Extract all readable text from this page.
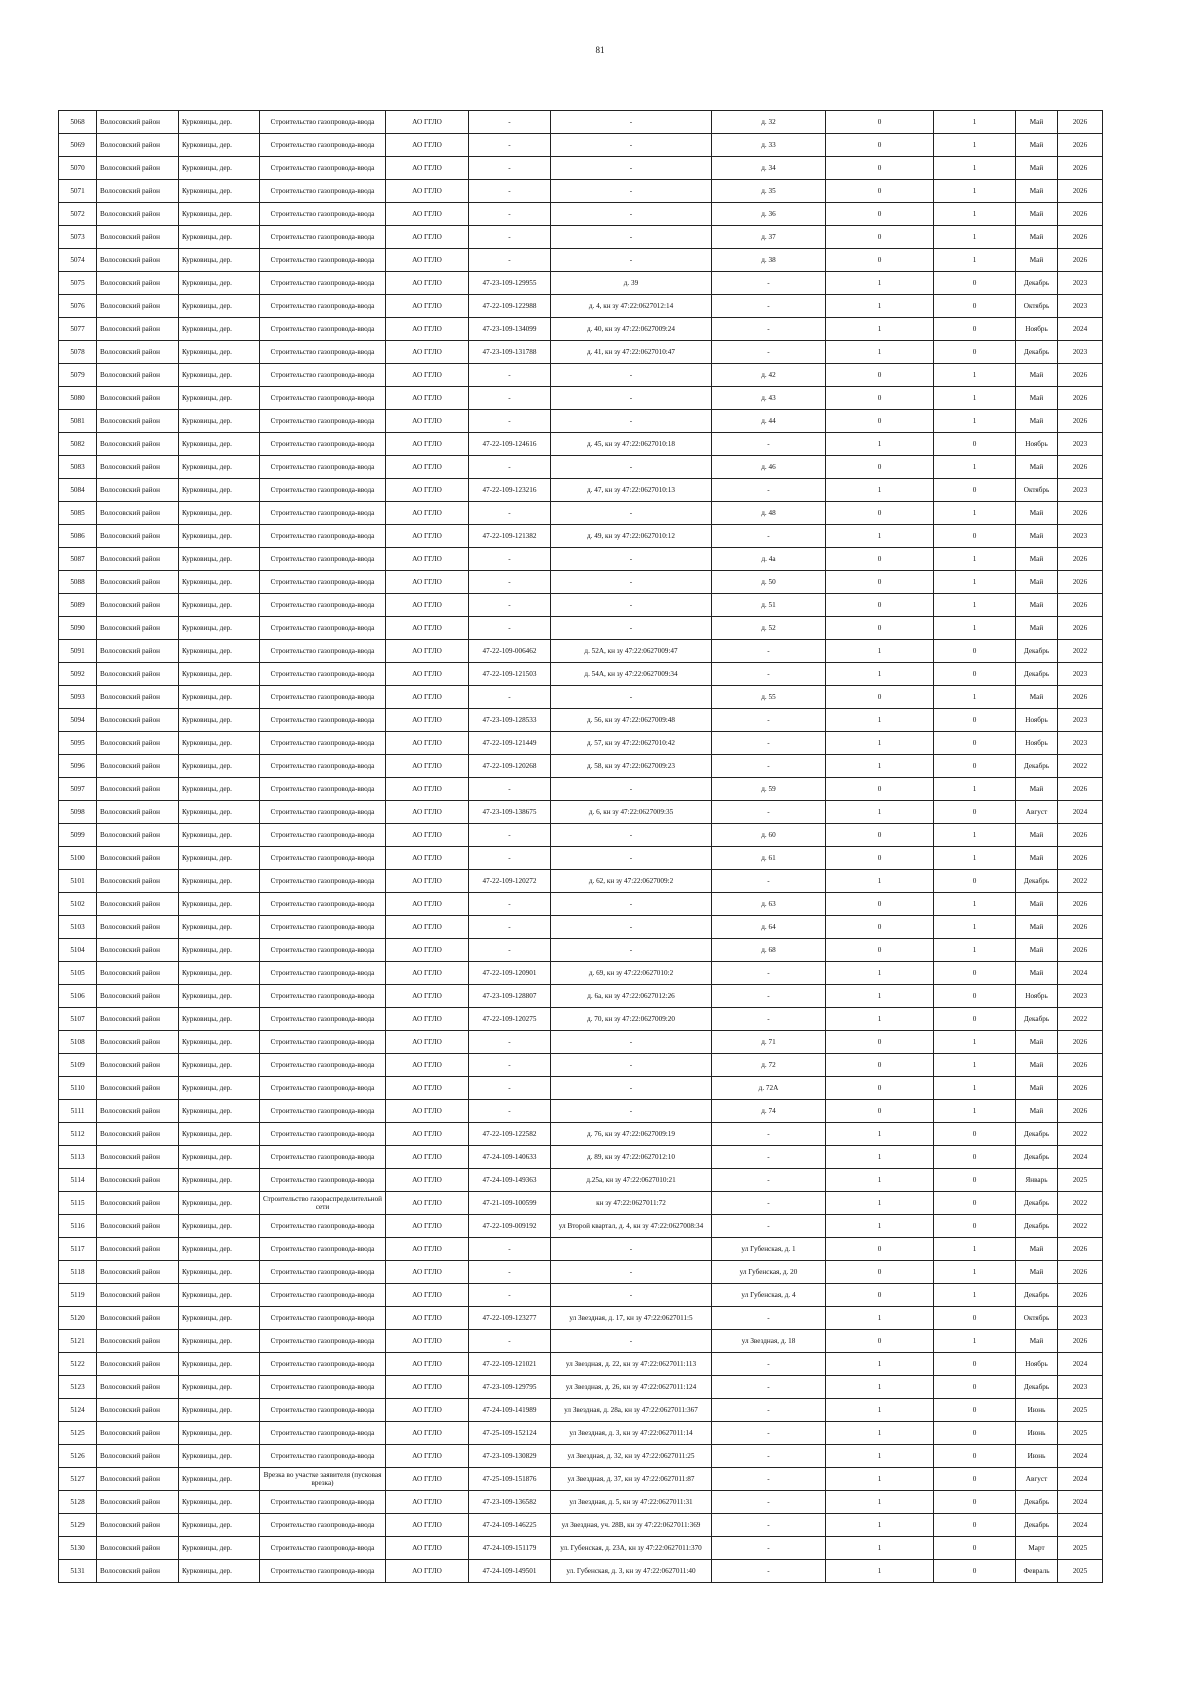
81
5068	Волосовский район	Курковицы, дер.	Строительство газопровода-ввода	АО ГГЛО	-	-	д. 32	0	1	Май	2026
5069	Волосовский район	Курковицы, дер.	Строительство газопровода-ввода	АО ГГЛО	-	-	д. 33	0	1	Май	2026
5070	Волосовский район	Курковицы, дер.	Строительство газопровода-ввода	АО ГГЛО	-	-	д. 34	0	1	Май	2026
5071	Волосовский район	Курковицы, дер.	Строительство газопровода-ввода	АО ГГЛО	-	-	д. 35	0	1	Май	2026
5072	Волосовский район	Курковицы, дер.	Строительство газопровода-ввода	АО ГГЛО	-	-	д. 36	0	1	Май	2026
5073	Волосовский район	Курковицы, дер.	Строительство газопровода-ввода	АО ГГЛО	-	-	д. 37	0	1	Май	2026
5074	Волосовский район	Курковицы, дер.	Строительство газопровода-ввода	АО ГГЛО	-	-	д. 38	0	1	Май	2026
5075	Волосовский район	Курковицы, дер.	Строительство газопровода-ввода	АО ГГЛО	47-23-109-129955	д. 39	-	1	0	Декабрь	2023
5076	Волосовский район	Курковицы, дер.	Строительство газопровода-ввода	АО ГГЛО	47-22-109-122988	д. 4, кн зу 47:22:0627012:14	-	1	0	Октябрь	2023
5077	Волосовский район	Курковицы, дер.	Строительство газопровода-ввода	АО ГГЛО	47-23-109-134099	д. 40, кн зу 47:22:0627009:24	-	1	0	Ноябрь	2024
5078	Волосовский район	Курковицы, дер.	Строительство газопровода-ввода	АО ГГЛО	47-23-109-131788	д. 41, кн зу 47:22:0627010:47	-	1	0	Декабрь	2023
5079	Волосовский район	Курковицы, дер.	Строительство газопровода-ввода	АО ГГЛО	-	-	д. 42	0	1	Май	2026
5080	Волосовский район	Курковицы, дер.	Строительство газопровода-ввода	АО ГГЛО	-	-	д. 43	0	1	Май	2026
5081	Волосовский район	Курковицы, дер.	Строительство газопровода-ввода	АО ГГЛО	-	-	д. 44	0	1	Май	2026
5082	Волосовский район	Курковицы, дер.	Строительство газопровода-ввода	АО ГГЛО	47-22-109-124616	д. 45, кн зу 47:22:0627010:18	-	1	0	Ноябрь	2023
5083	Волосовский район	Курковицы, дер.	Строительство газопровода-ввода	АО ГГЛО	-	-	д. 46	0	1	Май	2026
5084	Волосовский район	Курковицы, дер.	Строительство газопровода-ввода	АО ГГЛО	47-22-109-123216	д. 47, кн зу 47:22:0627010:13	-	1	0	Октябрь	2023
5085	Волосовский район	Курковицы, дер.	Строительство газопровода-ввода	АО ГГЛО	-	-	д. 48	0	1	Май	2026
5086	Волосовский район	Курковицы, дер.	Строительство газопровода-ввода	АО ГГЛО	47-22-109-121382	д. 49, кн зу 47:22:0627010:12	-	1	0	Май	2023
5087	Волосовский район	Курковицы, дер.	Строительство газопровода-ввода	АО ГГЛО	-	-	д. 4а	0	1	Май	2026
5088	Волосовский район	Курковицы, дер.	Строительство газопровода-ввода	АО ГГЛО	-	-	д. 50	0	1	Май	2026
5089	Волосовский район	Курковицы, дер.	Строительство газопровода-ввода	АО ГГЛО	-	-	д. 51	0	1	Май	2026
5090	Волосовский район	Курковицы, дер.	Строительство газопровода-ввода	АО ГГЛО	-	-	д. 52	0	1	Май	2026
5091	Волосовский район	Курковицы, дер.	Строительство газопровода-ввода	АО ГГЛО	47-22-109-006462	д. 52А, кн зу 47:22:0627009:47	-	1	0	Декабрь	2022
5092	Волосовский район	Курковицы, дер.	Строительство газопровода-ввода	АО ГГЛО	47-22-109-121503	д. 54А, кн зу 47:22:0627009:34	-	1	0	Декабрь	2023
5093	Волосовский район	Курковицы, дер.	Строительство газопровода-ввода	АО ГГЛО	-	-	д. 55	0	1	Май	2026
5094	Волосовский район	Курковицы, дер.	Строительство газопровода-ввода	АО ГГЛО	47-23-109-128533	д. 56, кн зу 47:22:0627009:48	-	1	0	Ноябрь	2023
5095	Волосовский район	Курковицы, дер.	Строительство газопровода-ввода	АО ГГЛО	47-22-109-121449	д. 57, кн зу 47:22:0627010:42	-	1	0	Ноябрь	2023
5096	Волосовский район	Курковицы, дер.	Строительство газопровода-ввода	АО ГГЛО	47-22-109-120268	д. 58, кн зу 47:22:0627009:23	-	1	0	Декабрь	2022
5097	Волосовский район	Курковицы, дер.	Строительство газопровода-ввода	АО ГГЛО	-	-	д. 59	0	1	Май	2026
5098	Волосовский район	Курковицы, дер.	Строительство газопровода-ввода	АО ГГЛО	47-23-109-138675	д. 6, кн зу 47:22:0627009:35	-	1	0	Август	2024
5099	Волосовский район	Курковицы, дер.	Строительство газопровода-ввода	АО ГГЛО	-	-	д. 60	0	1	Май	2026
5100	Волосовский район	Курковицы, дер.	Строительство газопровода-ввода	АО ГГЛО	-	-	д. 61	0	1	Май	2026
5101	Волосовский район	Курковицы, дер.	Строительство газопровода-ввода	АО ГГЛО	47-22-109-120272	д. 62, кн зу 47:22:0627009:2	-	1	0	Декабрь	2022
5102	Волосовский район	Курковицы, дер.	Строительство газопровода-ввода	АО ГГЛО	-	-	д. 63	0	1	Май	2026
5103	Волосовский район	Курковицы, дер.	Строительство газопровода-ввода	АО ГГЛО	-	-	д. 64	0	1	Май	2026
5104	Волосовский район	Курковицы, дер.	Строительство газопровода-ввода	АО ГГЛО	-	-	д. 68	0	1	Май	2026
5105	Волосовский район	Курковицы, дер.	Строительство газопровода-ввода	АО ГГЛО	47-22-109-120901	д. 69, кн зу 47:22:0627010:2	-	1	0	Май	2024
5106	Волосовский район	Курковицы, дер.	Строительство газопровода-ввода	АО ГГЛО	47-23-109-128807	д. 6а, кн зу 47:22:0627012:26	-	1	0	Ноябрь	2023
5107	Волосовский район	Курковицы, дер.	Строительство газопровода-ввода	АО ГГЛО	47-22-109-120275	д. 70, кн зу 47:22:0627009:20	-	1	0	Декабрь	2022
5108	Волосовский район	Курковицы, дер.	Строительство газопровода-ввода	АО ГГЛО	-	-	д. 71	0	1	Май	2026
5109	Волосовский район	Курковицы, дер.	Строительство газопровода-ввода	АО ГГЛО	-	-	д. 72	0	1	Май	2026
5110	Волосовский район	Курковицы, дер.	Строительство газопровода-ввода	АО ГГЛО	-	-	д. 72А	0	1	Май	2026
5111	Волосовский район	Курковицы, дер.	Строительство газопровода-ввода	АО ГГЛО	-	-	д. 74	0	1	Май	2026
5112	Волосовский район	Курковицы, дер.	Строительство газопровода-ввода	АО ГГЛО	47-22-109-122582	д. 76, кн зу 47:22:0627009:19	-	1	0	Декабрь	2022
5113	Волосовский район	Курковицы, дер.	Строительство газопровода-ввода	АО ГГЛО	47-24-109-140633	д. 89, кн зу 47:22:0627012:10	-	1	0	Декабрь	2024
5114	Волосовский район	Курковицы, дер.	Строительство газопровода-ввода	АО ГГЛО	47-24-109-149363	д.25а, кн зу 47:22:0627010:21	-	1	0	Январь	2025
5115	Волосовский район	Курковицы, дер.	Строительство газораспределительной сети	АО ГГЛО	47-21-109-100599	кн зу 47:22:0627011:72	-	1	0	Декабрь	2022
5116	Волосовский район	Курковицы, дер.	Строительство газопровода-ввода	АО ГГЛО	47-22-109-009192	ул Второй квартал, д. 4, кн зу 47:22:0627008:34	-	1	0	Декабрь	2022
5117	Волосовский район	Курковицы, дер.	Строительство газопровода-ввода	АО ГГЛО	-	-	ул Губенская, д. 1	0	1	Май	2026
5118	Волосовский район	Курковицы, дер.	Строительство газопровода-ввода	АО ГГЛО	-	-	ул Губенская, д. 20	0	1	Май	2026
5119	Волосовский район	Курковицы, дер.	Строительство газопровода-ввода	АО ГГЛО	-	-	ул Губенская, д. 4	0	1	Декабрь	2026
5120	Волосовский район	Курковицы, дер.	Строительство газопровода-ввода	АО ГГЛО	47-22-109-123277	ул Звездная, д. 17, кн зу 47:22:0627011:5	-	1	0	Октябрь	2023
5121	Волосовский район	Курковицы, дер.	Строительство газопровода-ввода	АО ГГЛО	-	-	ул Звездная, д. 18	0	1	Май	2026
5122	Волосовский район	Курковицы, дер.	Строительство газопровода-ввода	АО ГГЛО	47-22-109-121021	ул Звездная, д. 22, кн зу 47:22:0627011:113	-	1	0	Ноябрь	2024
5123	Волосовский район	Курковицы, дер.	Строительство газопровода-ввода	АО ГГЛО	47-23-109-129795	ул Звездная, д. 26, кн зу 47:22:0627011:124	-	1	0	Декабрь	2023
5124	Волосовский район	Курковицы, дер.	Строительство газопровода-ввода	АО ГГЛО	47-24-109-141989	ул Звездная, д. 28а, кн зу 47:22:0627011:367	-	1	0	Июнь	2025
5125	Волосовский район	Курковицы, дер.	Строительство газопровода-ввода	АО ГГЛО	47-25-109-152124	ул Звездная, д. 3, кн зу 47:22:0627011:14	-	1	0	Июнь	2025
5126	Волосовский район	Курковицы, дер.	Строительство газопровода-ввода	АО ГГЛО	47-23-109-130829	ул Звездная, д. 32, кн зу 47:22:0627011:25	-	1	0	Июнь	2024
5127	Волосовский район	Курковицы, дер.	Врезка во участке заявителя (пусковая врезка)	АО ГГЛО	47-25-109-151876	ул Звездная, д. 37, кн зу 47:22:0627011:87	-	1	0	Август	2024
5128	Волосовский район	Курковицы, дер.	Строительство газопровода-ввода	АО ГГЛО	47-23-109-136582	ул Звездная, д. 5, кн зу 47:22:0627011:31	-	1	0	Декабрь	2024
5129	Волосовский район	Курковицы, дер.	Строительство газопровода-ввода	АО ГГЛО	47-24-109-146225	ул Звездная, уч. 28В, кн зу 47:22:0627011:369	-	1	0	Декабрь	2024
5130	Волосовский район	Курковицы, дер.	Строительство газопровода-ввода	АО ГГЛО	47-24-109-151179	ул. Губенская, д. 23А, кн зу 47:22:0627011:370	-	1	0	Март	2025
5131	Волосовский район	Курковицы, дер.	Строительство газопровода-ввода	АО ГГЛО	47-24-109-149501	ул. Губенская, д. 3, кн зу 47:22:0627011:40	-	1	0	Февраль	2025
